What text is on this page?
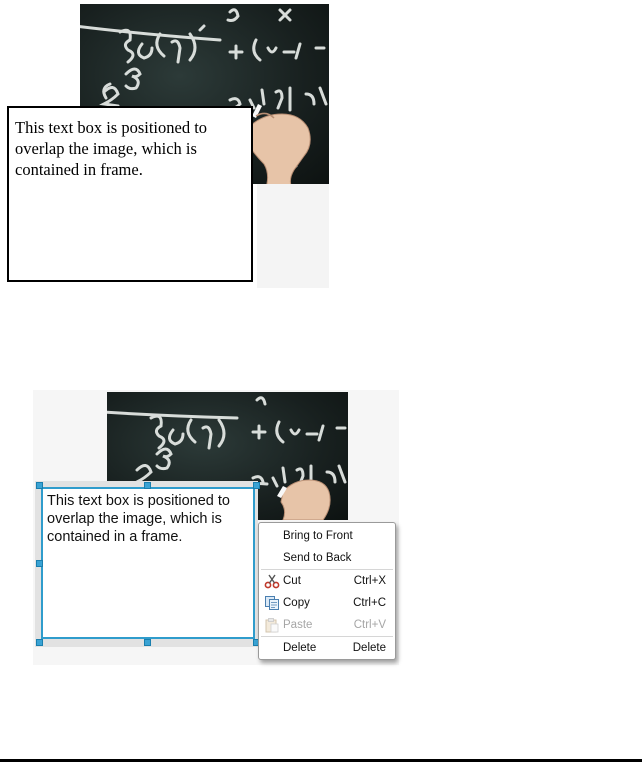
This text box is positioned to overlap the image, which is contained in frame.
This text box is positioned to overlap the image, which is contained in a frame.	Bring to Front
Send to Back
Cut	Ctrl+X
Copy	Ctrl+C
Paste	Ctrl+V
Delete	Delete
